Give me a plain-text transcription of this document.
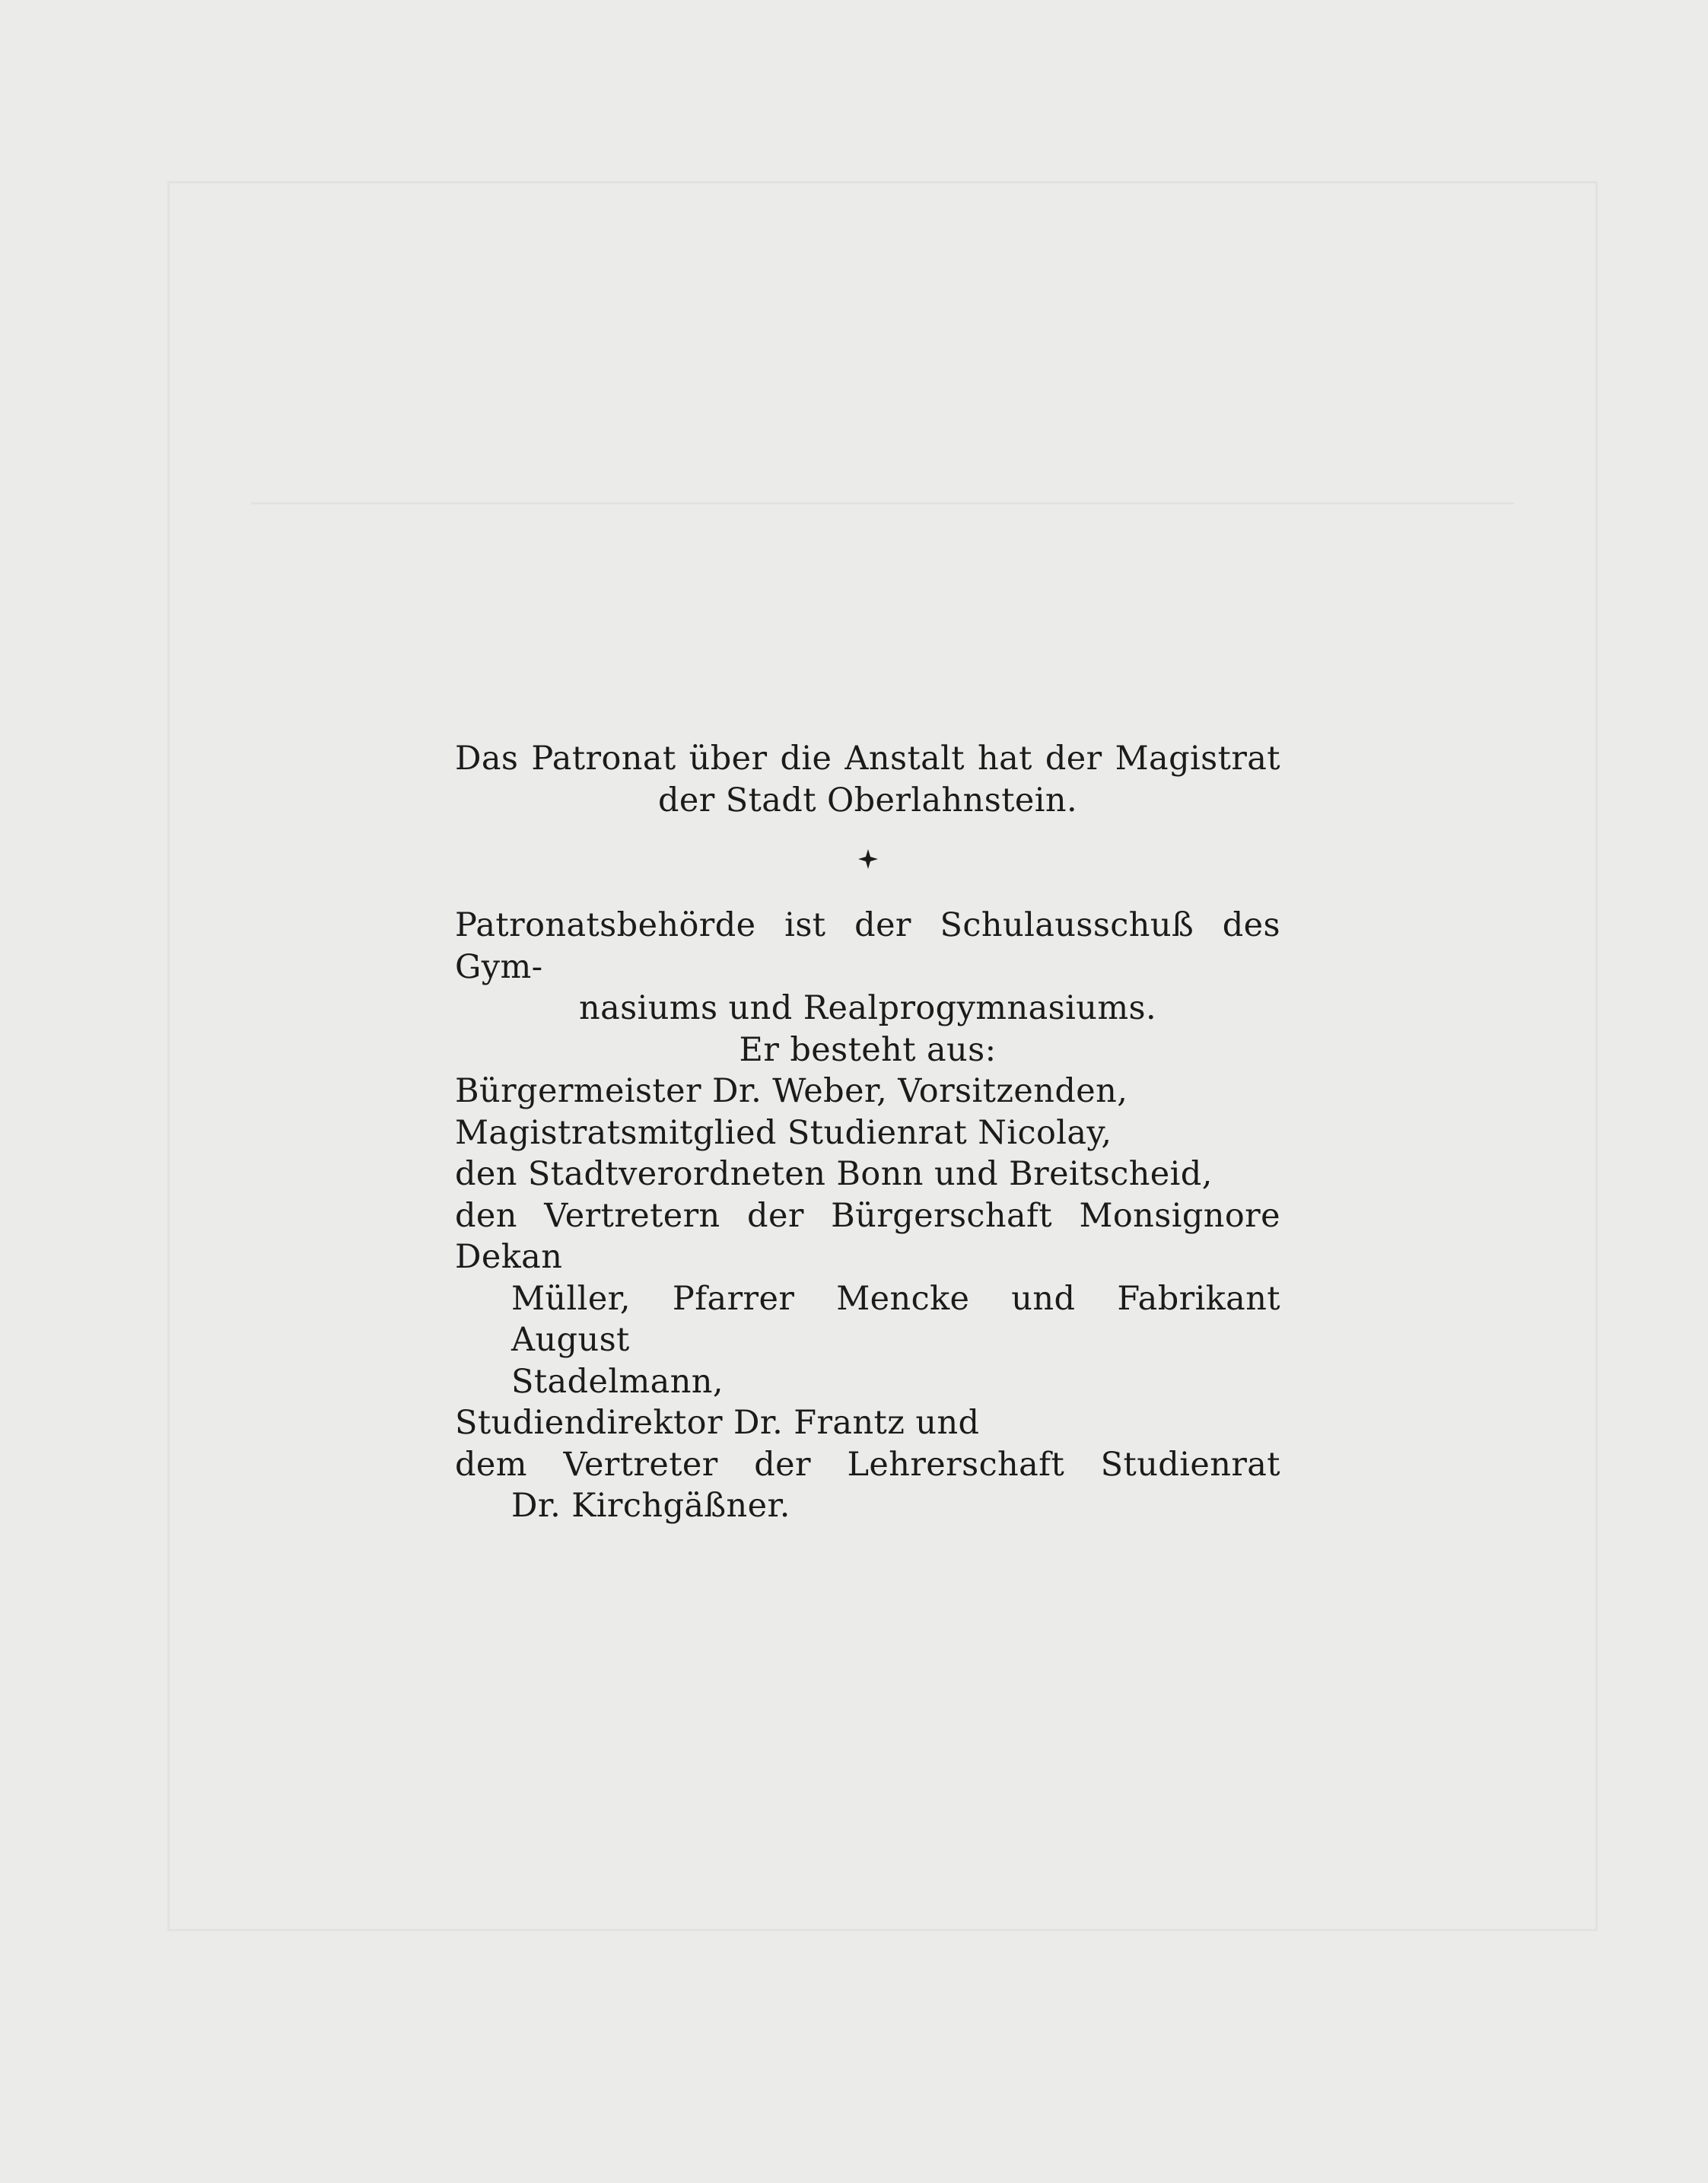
Das Patronat über die Anstalt hat der Magistrat

der Stadt Oberlahnstein.

Patronatsbehörde ist der Schulausschuß des Gym-

nasiums und Realprogymnasiums.

Er besteht aus:

Bürgermeister Dr. Weber, Vorsitzenden,

Magistratsmitglied Studienrat Nicolay,

den Stadtverordneten Bonn und Breitscheid,

den Vertretern der Bürgerschaft Monsignore Dekan

Müller, Pfarrer Mencke und Fabrikant August

Stadelmann,

Studiendirektor Dr. Frantz und

dem Vertreter der Lehrerschaft Studienrat

Dr. Kirchgäßner.
